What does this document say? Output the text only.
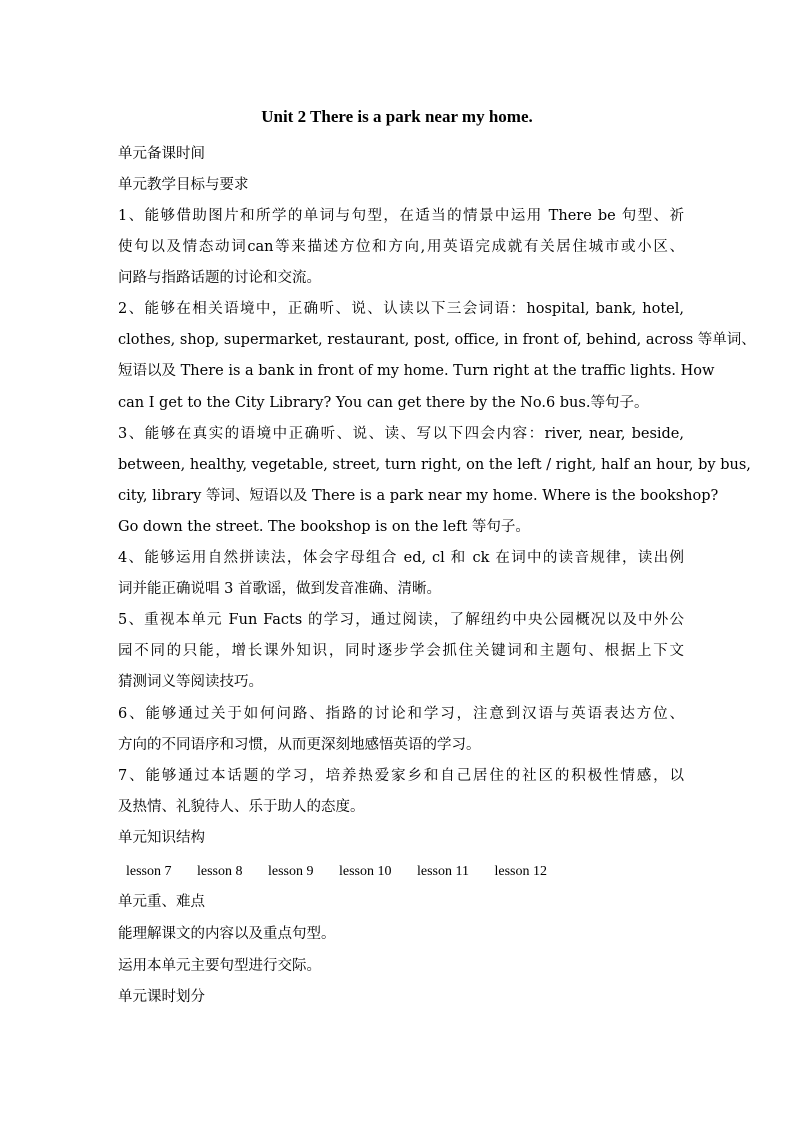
Unit 2 There is a park near my home.
单元备课时间
单元教学目标与要求
1、能够借助图片和所学的单词与句型，在适当的情景中运用 There be 句型、祈
使句以及情态动词can等来描述方位和方向,用英语完成就有关居住城市或小区、
问路与指路话题的讨论和交流。
2、能够在相关语境中，正确听、说、认读以下三会词语：hospital, bank, hotel,
clothes, shop, supermarket, restaurant, post, office, in front of, behind, across 等单词、
短语以及 There is a bank in front of my home. Turn right at the traffic lights. How
can I get to the City Library? You can get there by the No.6 bus.等句子。
3、能够在真实的语境中正确听、说、读、写以下四会内容：river, near, beside,
between, healthy, vegetable, street, turn right, on the left / right, half an hour, by bus,
city, library 等词、短语以及 There is a park near my home. Where is the bookshop?
Go down the street. The bookshop is on the left 等句子。
4、能够运用自然拼读法，体会字母组合 ed, cl 和 ck 在词中的读音规律，读出例
词并能正确说唱 3 首歌谣，做到发音准确、清晰。
5、重视本单元 Fun Facts 的学习，通过阅读，了解纽约中央公园概况以及中外公
园不同的只能，增长课外知识，同时逐步学会抓住关键词和主题句、根据上下文
猜测词义等阅读技巧。
6、能够通过关于如何问路、指路的讨论和学习，注意到汉语与英语表达方位、
方向的不同语序和习惯，从而更深刻地感悟英语的学习。
7、能够通过本话题的学习，培养热爱家乡和自己居住的社区的积极性情感，以
及热情、礼貌待人、乐于助人的态度。
单元知识结构
lesson 7 lesson 8 lesson 9 lesson 10 lesson 11 lesson 12
单元重、难点
能理解课文的内容以及重点句型。
运用本单元主要句型进行交际。
单元课时划分
